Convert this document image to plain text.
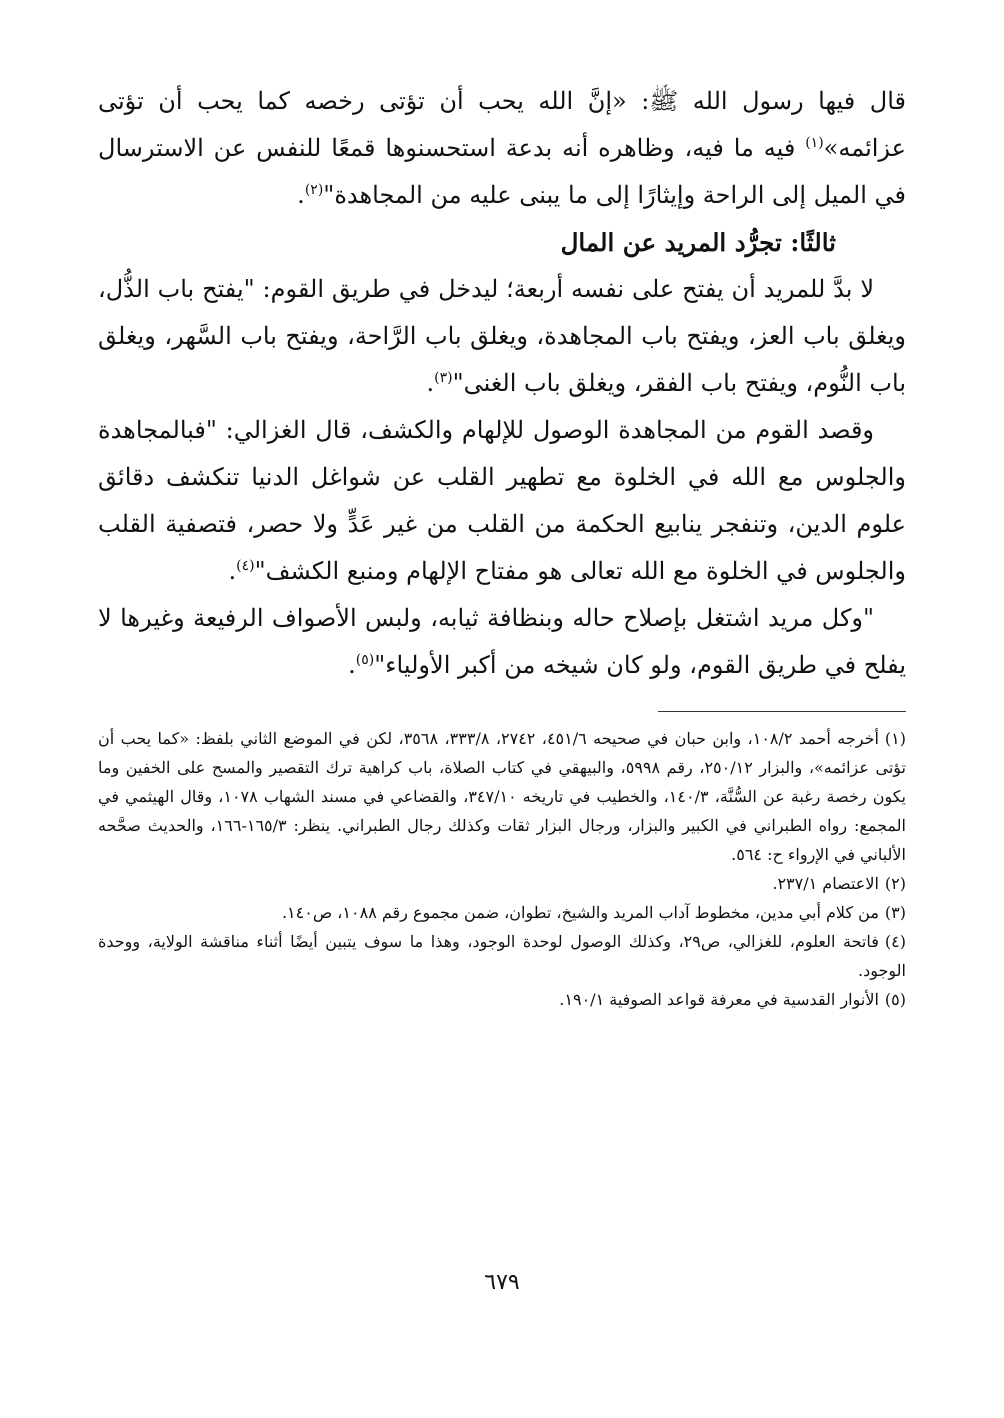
قال فيها رسول الله ﷺ: «إنَّ الله يحب أن تؤتى رخصه كما يحب أن تؤتى عزائمه»$^{(١)}$ فيه ما فيه، وظاهره أنه بدعة استحسنوها قمعًا للنفس عن الاسترسال في الميل إلى الراحة وإيثارًا إلى ما يبنى عليه من المجاهدة"$^{(٢)}$.

ثالثًا: تجرُّد المريد عن المال

لا بدَّ للمريد أن يفتح على نفسه أربعة؛ ليدخل في طريق القوم: "يفتح باب الذُّل، ويغلق باب العز، ويفتح باب المجاهدة، ويغلق باب الرَّاحة، ويفتح باب السَّهر، ويغلق باب النُّوم، ويفتح باب الفقر، ويغلق باب الغنى"$^{(٣)}$.

وقصد القوم من المجاهدة الوصول للإلهام والكشف، قال الغزالي: "فبالمجاهدة والجلوس مع الله في الخلوة مع تطهير القلب عن شواغل الدنيا تنكشف دقائق علوم الدين، وتنفجر ينابيع الحكمة من القلب من غير عَدٍّ ولا حصر، فتصفية القلب والجلوس في الخلوة مع الله تعالى هو مفتاح الإلهام ومنبع الكشف"$^{(٤)}$.

"وكل مريد اشتغل بإصلاح حاله وبنظافة ثيابه، ولبس الأصواف الرفيعة وغيرها لا يفلح في طريق القوم، ولو كان شيخه من أكبر الأولياء"$^{(٥)}$.

(١)أخرجه أحمد ١٠٨/٢، وابن حبان في صحيحه ٤٥١/٦، ٢٧٤٢، ٣٣٣/٨، ٣٥٦٨، لكن في الموضع الثاني بلفظ: «كما يحب أن تؤتى عزائمه»، والبزار ٢٥٠/١٢، رقم ٥٩٩٨، والبيهقي في كتاب الصلاة، باب كراهية ترك التقصير والمسح على الخفين وما يكون رخصة رغبة عن السُّنَّة، ١٤٠/٣، والخطيب في تاريخه ٣٤٧/١٠، والقضاعي في مسند الشهاب ١٠٧٨، وقال الهيثمي في المجمع: رواه الطبراني في الكبير والبزار، ورجال البزار ثقات وكذلك رجال الطبراني. ينظر: ١٦٥/٣-١٦٦، والحديث صحَّحه الألباني في الإرواء ح: ٥٦٤.

(٢)الاعتصام ٢٣٧/١.

(٣)من كلام أبي مدين، مخطوط آداب المريد والشيخ، تطوان، ضمن مجموع رقم ١٠٨٨، ص١٤٠.

(٤)فاتحة العلوم، للغزالي، ص٢٩، وكذلك الوصول لوحدة الوجود، وهذا ما سوف يتبين أيضًا أثناء مناقشة الولاية، ووحدة الوجود.

(٥)الأنوار القدسية في معرفة قواعد الصوفية ١٩٠/١.

٦٧٩
